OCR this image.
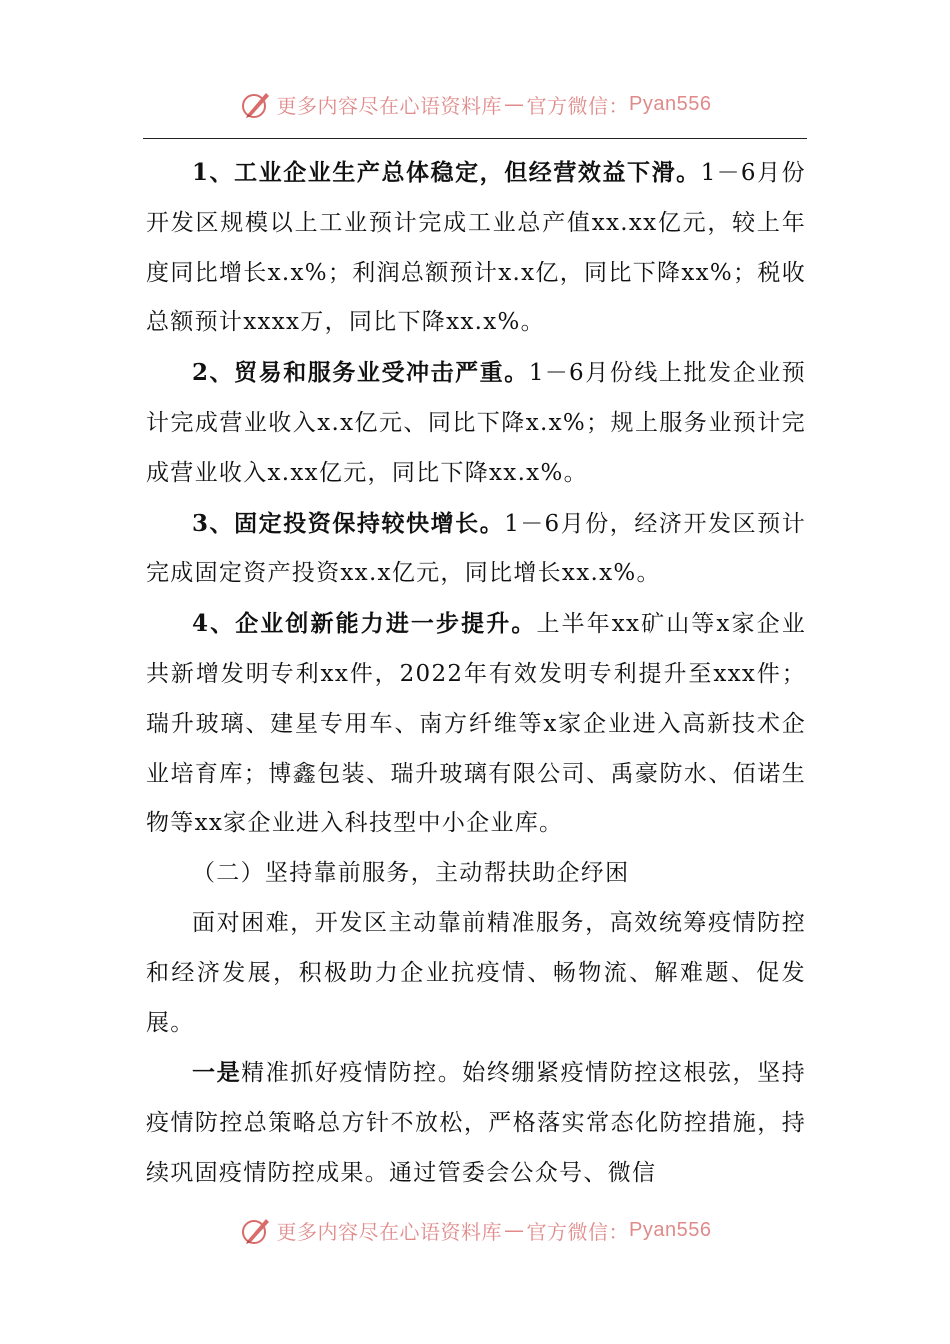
更多内容尽在心语资料库 — 官方微信： Pyan556

1、工业企业生产总体稳定，但经营效益下滑。1－6月份开发区规模以上工业预计完成工业总产值xx.xx亿元，较上年度同比增长x.x%；利润总额预计x.x亿，同比下降xx%；税收总额预计xxxx万，同比下降xx.x%。

2、贸易和服务业受冲击严重。1－6月份线上批发企业预计完成营业收入x.x亿元、同比下降x.x%；规上服务业预计完成营业收入x.xx亿元，同比下降xx.x%。

3、固定投资保持较快增长。1－6月份，经济开发区预计完成固定资产投资xx.x亿元，同比增长xx.x%。

4、企业创新能力进一步提升。上半年xx矿山等x家企业共新增发明专利xx件，2022年有效发明专利提升至xxx件；瑞升玻璃、建星专用车、南方纤维等x家企业进入高新技术企业培育库；博鑫包装、瑞升玻璃有限公司、禹豪防水、佰诺生物等xx家企业进入科技型中小企业库。

（二）坚持靠前服务，主动帮扶助企纾困

面对困难，开发区主动靠前精准服务，高效统筹疫情防控和经济发展，积极助力企业抗疫情、畅物流、解难题、促发展。

一是精准抓好疫情防控。始终绷紧疫情防控这根弦，坚持疫情防控总策略总方针不放松，严格落实常态化防控措施，持续巩固疫情防控成果。通过管委会公众号、微信

更多内容尽在心语资料库 — 官方微信： Pyan556
